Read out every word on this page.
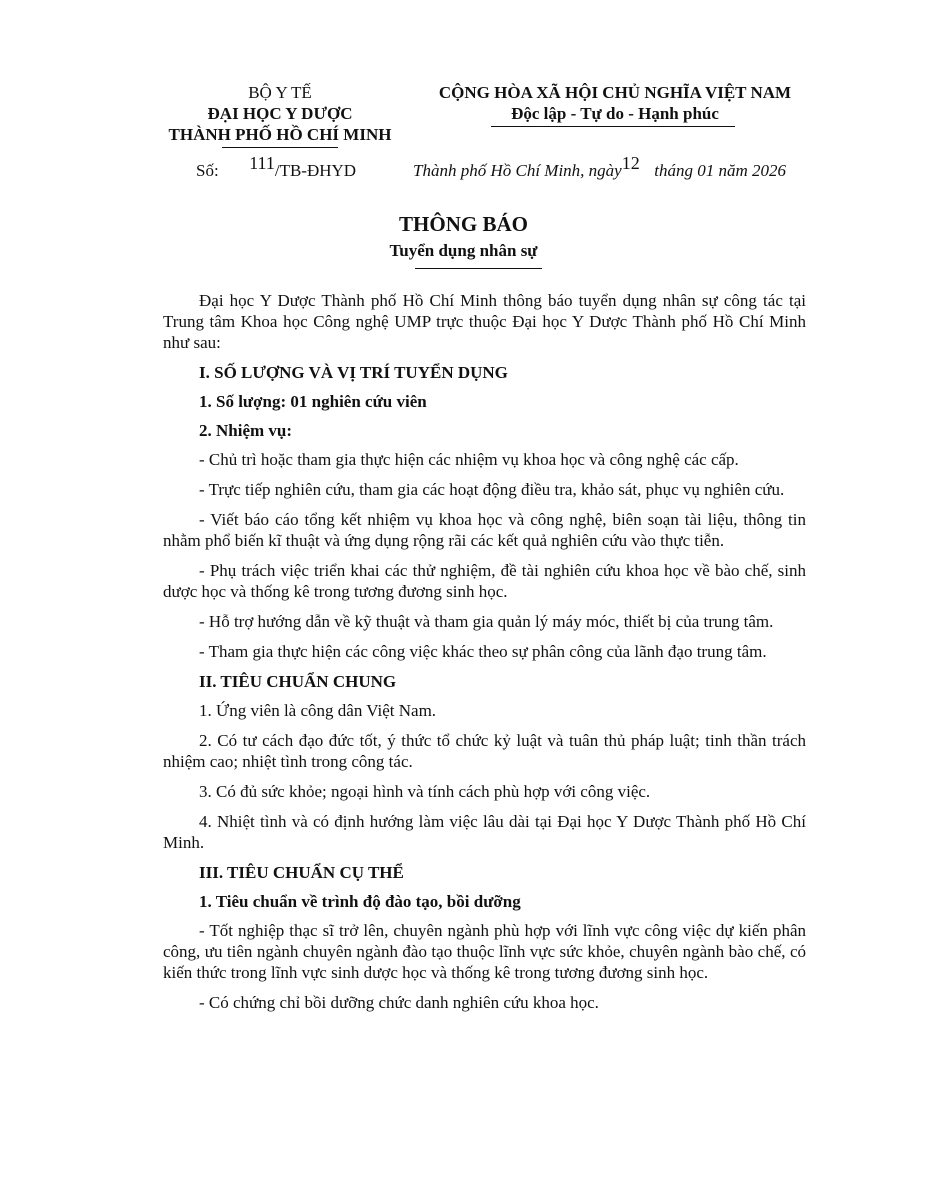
BỘ Y TẾ
ĐẠI HỌC Y DƯỢC
THÀNH PHỐ HỒ CHÍ MINH
CỘNG HÒA XÃ HỘI CHỦ NGHĨA VIỆT NAM
Độc lập - Tự do - Hạnh phúc
Số: 111/TB-ĐHYD	Thành phố Hồ Chí Minh, ngày12 tháng 01 năm 2026
THÔNG BÁO
Tuyển dụng nhân sự

Đại học Y Dược Thành phố Hồ Chí Minh thông báo tuyển dụng nhân sự công tác tại Trung tâm Khoa học Công nghệ UMP trực thuộc Đại học Y Dược Thành phố Hồ Chí Minh như sau:

I. SỐ LƯỢNG VÀ VỊ TRÍ TUYỂN DỤNG

1. Số lượng: 01 nghiên cứu viên

2. Nhiệm vụ:

- Chủ trì hoặc tham gia thực hiện các nhiệm vụ khoa học và công nghệ các cấp.

- Trực tiếp nghiên cứu, tham gia các hoạt động điều tra, khảo sát, phục vụ nghiên cứu.

- Viết báo cáo tổng kết nhiệm vụ khoa học và công nghệ, biên soạn tài liệu, thông tin nhằm phổ biến kĩ thuật và ứng dụng rộng rãi các kết quả nghiên cứu vào thực tiễn.

- Phụ trách việc triển khai các thử nghiệm, đề tài nghiên cứu khoa học về bào chế, sinh dược học và thống kê trong tương đương sinh học.

- Hỗ trợ hướng dẫn về kỹ thuật và tham gia quản lý máy móc, thiết bị của trung tâm.

- Tham gia thực hiện các công việc khác theo sự phân công của lãnh đạo trung tâm.

II. TIÊU CHUẨN CHUNG

1. Ứng viên là công dân Việt Nam.

2. Có tư cách đạo đức tốt, ý thức tổ chức kỷ luật và tuân thủ pháp luật; tinh thần trách nhiệm cao; nhiệt tình trong công tác.

3. Có đủ sức khỏe; ngoại hình và tính cách phù hợp với công việc.

4. Nhiệt tình và có định hướng làm việc lâu dài tại Đại học Y Dược Thành phố Hồ Chí Minh.

III. TIÊU CHUẨN CỤ THỂ

1. Tiêu chuẩn về trình độ đào tạo, bồi dưỡng

- Tốt nghiệp thạc sĩ trở lên, chuyên ngành phù hợp với lĩnh vực công việc dự kiến phân công, ưu tiên ngành chuyên ngành đào tạo thuộc lĩnh vực sức khỏe, chuyên ngành bào chế, có kiến thức trong lĩnh vực sinh dược học và thống kê trong tương đương sinh học.

- Có chứng chỉ bồi dưỡng chức danh nghiên cứu khoa học.
